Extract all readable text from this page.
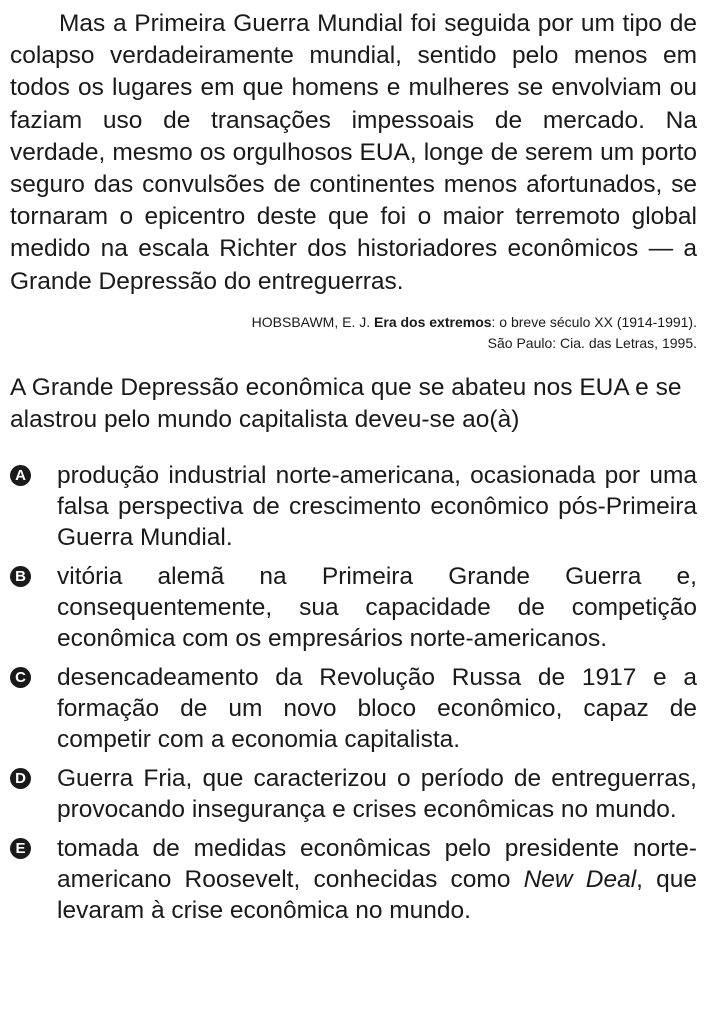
Mas a Primeira Guerra Mundial foi seguida por um tipo de colapso verdadeiramente mundial, sentido pelo menos em todos os lugares em que homens e mulheres se envolviam ou faziam uso de transações impessoais de mercado. Na verdade, mesmo os orgulhosos EUA, longe de serem um porto seguro das convulsões de continentes menos afortunados, se tornaram o epicentro deste que foi o maior terremoto global medido na escala Richter dos historiadores econômicos — a Grande Depressão do entreguerras.

HOBSBAWM, E. J. Era dos extremos: o breve século XX (1914-1991).
São Paulo: Cia. das Letras, 1995.

A Grande Depressão econômica que se abateu nos EUA e se alastrou pelo mundo capitalista deveu-se ao(à)

A produção industrial norte-americana, ocasionada por uma falsa perspectiva de crescimento econômico pós-Primeira Guerra Mundial.
B vitória alemã na Primeira Grande Guerra e, consequentemente, sua capacidade de competição econômica com os empresários norte-americanos.
C desencadeamento da Revolução Russa de 1917 e a formação de um novo bloco econômico, capaz de competir com a economia capitalista.
D Guerra Fria, que caracterizou o período de entreguerras, provocando insegurança e crises econômicas no mundo.
E tomada de medidas econômicas pelo presidente norte-americano Roosevelt, conhecidas como New Deal, que levaram à crise econômica no mundo.
